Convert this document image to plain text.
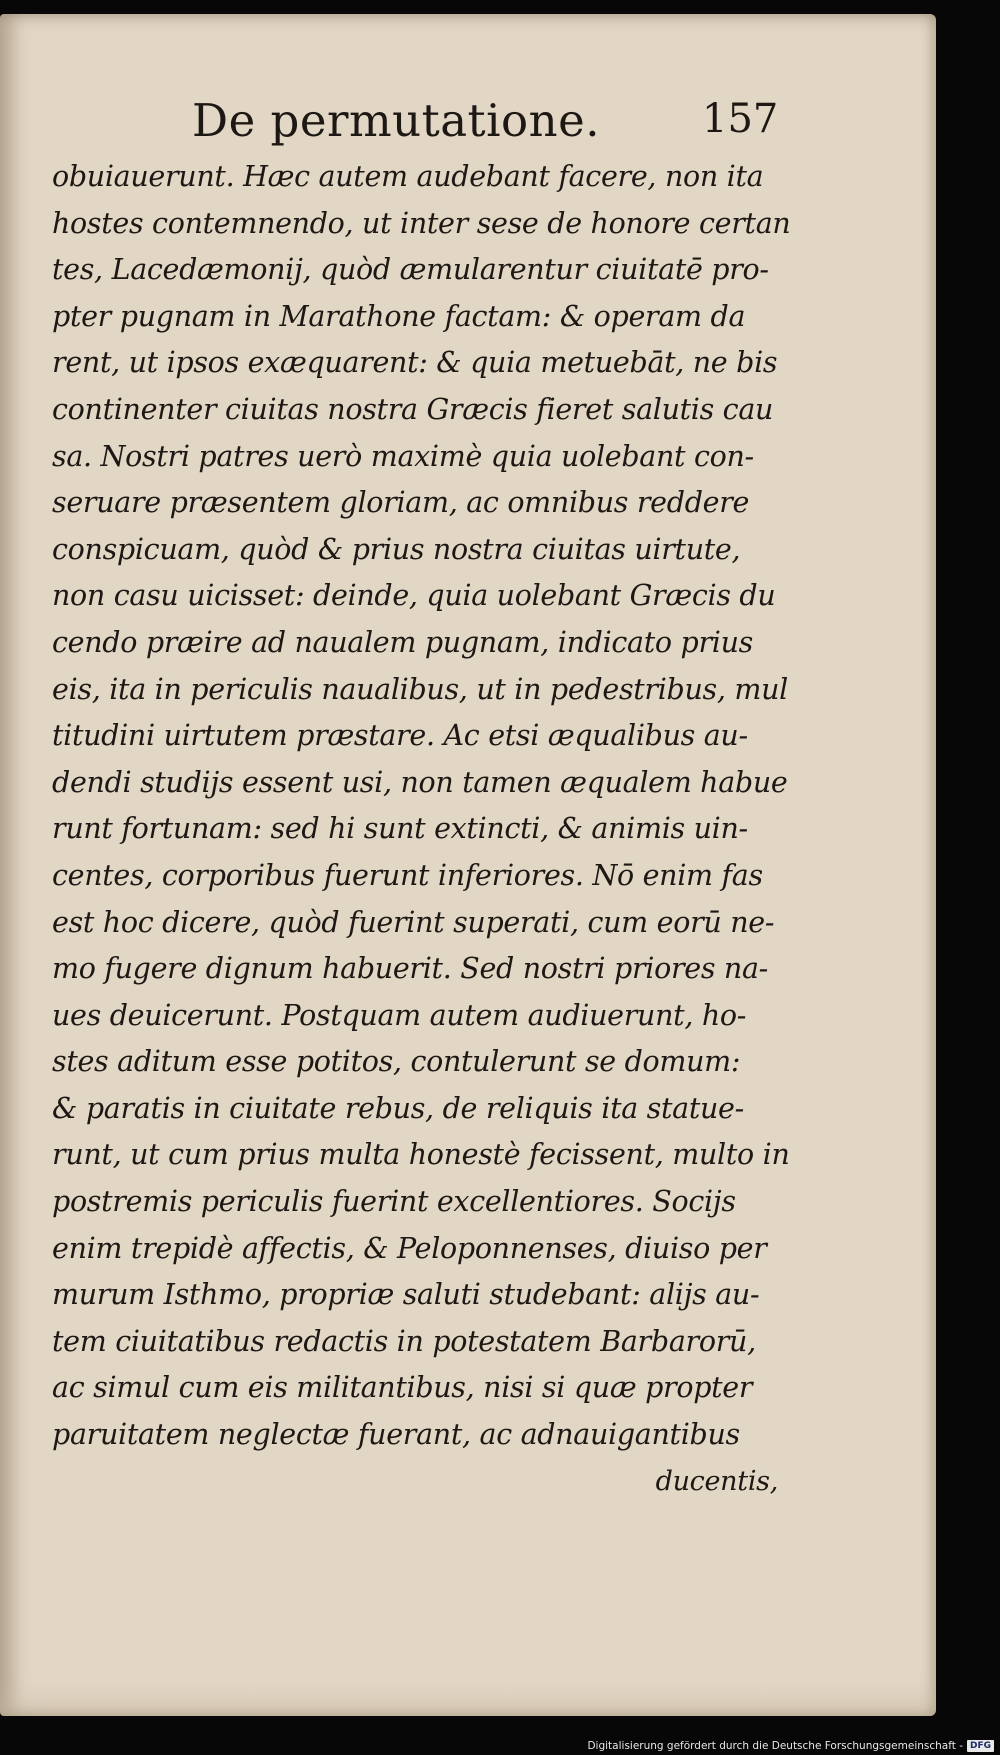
De permutatione.	157
obuiauerunt. Hæc autem audebant facere, non ita
hostes contemnendo, ut inter sese de honore certan
tes, Lacedæmonij, quòd æmularentur ciuitatē pro-
pter pugnam in Marathone factam: & operam da
rent, ut ipsos exæquarent: & quia metuebāt, ne bis
continenter ciuitas nostra Græcis fieret salutis cau
sa. Nostri patres uerò maximè quia uolebant con-
seruare præsentem gloriam, ac omnibus reddere
conspicuam, quòd & prius nostra ciuitas uirtute,
non casu uicisset: deinde, quia uolebant Græcis du
cendo præire ad naualem pugnam, indicato prius
eis, ita in periculis naualibus, ut in pedestribus, mul
titudini uirtutem præstare. Ac etsi æqualibus au-
dendi studijs essent usi, non tamen æqualem habue
runt fortunam: sed hi sunt extincti, & animis uin-
centes, corporibus fuerunt inferiores. Nō enim fas
est hoc dicere, quòd fuerint superati, cum eorū ne-
mo fugere dignum habuerit. Sed nostri priores na-
ues deuicerunt. Postquam autem audiuerunt, ho-
stes aditum esse potitos, contulerunt se domum:
& paratis in ciuitate rebus, de reliquis ita statue-
runt, ut cum prius multa honestè fecissent, multo in
postremis periculis fuerint excellentiores. Socijs
enim trepidè affectis, & Peloponnenses, diuiso per
murum Isthmo, propriæ saluti studebant: alijs au-
tem ciuitatibus redactis in potestatem Barbarorū,
ac simul cum eis militantibus, nisi si quæ propter
paruitatem neglectæ fuerant, ac adnauigantibus
ducentis,
Digitalisierung gefördert durch die Deutsche Forschungsgemeinschaft - DFG
